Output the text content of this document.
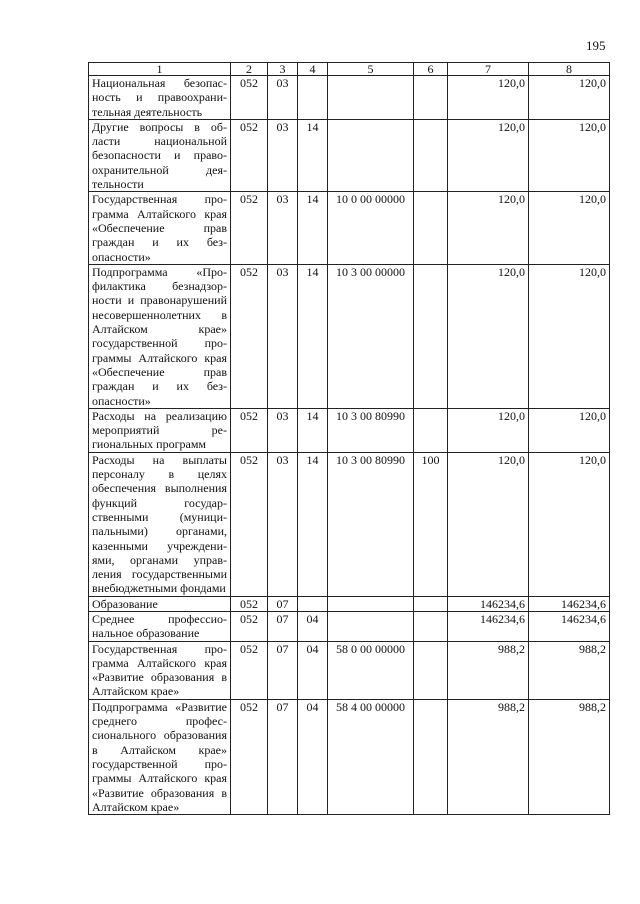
195
1	2	3	4	5	6	7	8
Национальная безопасность и правоохранительная деятельность	052	03				120,0	120,0
Другие вопросы в области национальной безопасности и правоохранительной деятельности	052	03	14			120,0	120,0
Государственная программа Алтайского края «Обеспечение прав граждан и их безопасности»	052	03	14	10 0 00 00000		120,0	120,0
Подпрограмма «Профилактика безнадзорности и правонарушений несовершеннолетних в Алтайском крае» государственной программы Алтайского края «Обеспечение прав граждан и их безопасности»	052	03	14	10 3 00 00000		120,0	120,0
Расходы на реализацию мероприятий региональных программ	052	03	14	10 3 00 80990		120,0	120,0
Расходы на выплаты персоналу в целях обеспечения выполнения функций государственными (муниципальными) органами, казенными учреждениями, органами управления государственными внебюджетными фондами	052	03	14	10 3 00 80990	100	120,0	120,0
Образование	052	07				146234,6	146234,6
Среднее профессиональное образование	052	07	04			146234,6	146234,6
Государственная программа Алтайского края «Развитие образования в Алтайском крае»	052	07	04	58 0 00 00000		988,2	988,2
Подпрограмма «Развитие среднего профессионального образования в Алтайском крае» государственной программы Алтайского края «Развитие образования в Алтайском крае»	052	07	04	58 4 00 00000		988,2	988,2
